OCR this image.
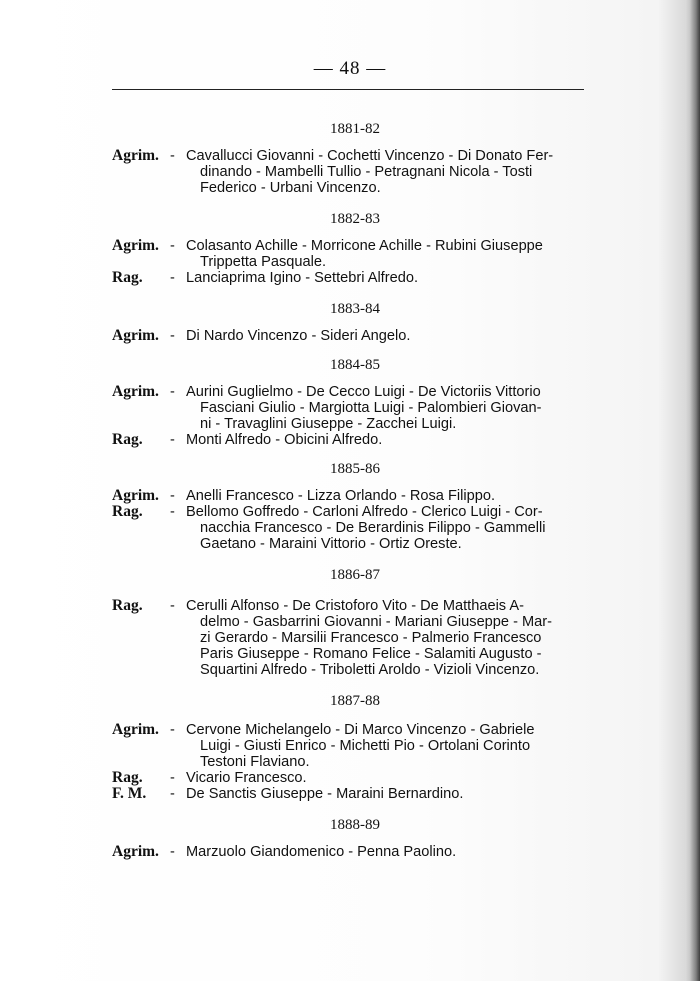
— 48 —
1881-82
Agrim. - Cavallucci Giovanni - Cochetti Vincenzo - Di Donato Fer-
dinando - Mambelli Tullio - Petragnani Nicola - Tosti
Federico - Urbani Vincenzo.
1882-83
Agrim. - Colasanto Achille - Morricone Achille - Rubini Giuseppe
Trippetta Pasquale.
Rag.	- Lanciaprima Igino - Settebri Alfredo.
1883-84
Agrim. - Di Nardo Vincenzo - Sideri Angelo.
1884-85
Agrim. - Aurini Guglielmo - De Cecco Luigi - De Victoriis Vittorio
Fasciani Giulio - Margiotta Luigi - Palombieri Giovan-
ni - Travaglini Giuseppe - Zacchei Luigi.
Rag.	- Monti Alfredo - Obicini Alfredo.
1885-86
Agrim. - Anelli Francesco - Lizza Orlando - Rosa Filippo.
Rag.	- Bellomo Goffredo - Carloni Alfredo - Clerico Luigi - Cor-
nacchia Francesco - De Berardinis Filippo - Gammelli
Gaetano - Maraini Vittorio - Ortiz Oreste.
1886-87
Rag.	- Cerulli Alfonso - De Cristoforo Vito - De Matthaeis A-
delmo - Gasbarrini Giovanni - Mariani Giuseppe - Mar-
zi Gerardo - Marsilii Francesco - Palmerio Francesco
Paris Giuseppe - Romano Felice - Salamiti Augusto -
Squartini Alfredo - Triboletti Aroldo - Vizioli Vincenzo.
1887-88
Agrim. - Cervone Michelangelo - Di Marco Vincenzo - Gabriele
Luigi - Giusti Enrico - Michetti Pio - Ortolani Corinto
Testoni Flaviano.
Rag.	- Vicario Francesco.
F. M.	- De Sanctis Giuseppe - Maraini Bernardino.
1888-89
Agrim. - Marzuolo Giandomenico - Penna Paolino.
